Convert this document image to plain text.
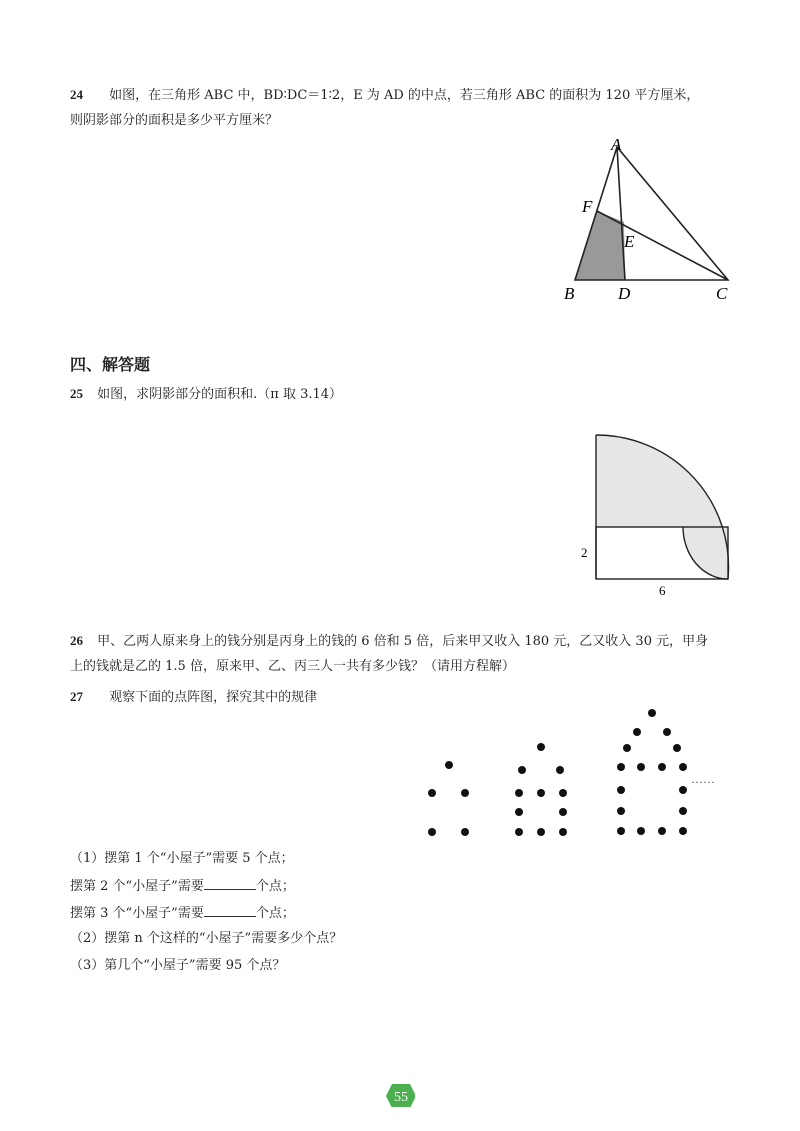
24 如图，在三角形 ABC 中，BD∶DC＝1∶2，E 为 AD 的中点，若三角形 ABC 的面积为 120 平方厘米，
则阴影部分的面积是多少平方厘米？
A
F
E
B	D	C
四、解答题
25 如图，求阴影部分的面积和.（π 取 3.14）
2
6
26 甲、乙两人原来身上的钱分别是丙身上的钱的 6 倍和 5 倍，后来甲又收入 180 元，乙又收入 30 元，甲身
上的钱就是乙的 1.5 倍，原来甲、乙、丙三人一共有多少钱？（请用方程解）
27 观察下面的点阵图，探究其中的规律
……
（1）摆第 1 个“小屋子”需要 5 个点；
摆第 2 个“小屋子”需要	个点；
摆第 3 个“小屋子”需要	个点；
（2）摆第 n 个这样的“小屋子”需要多少个点？
（3）第几个“小屋子”需要 95 个点？
55
